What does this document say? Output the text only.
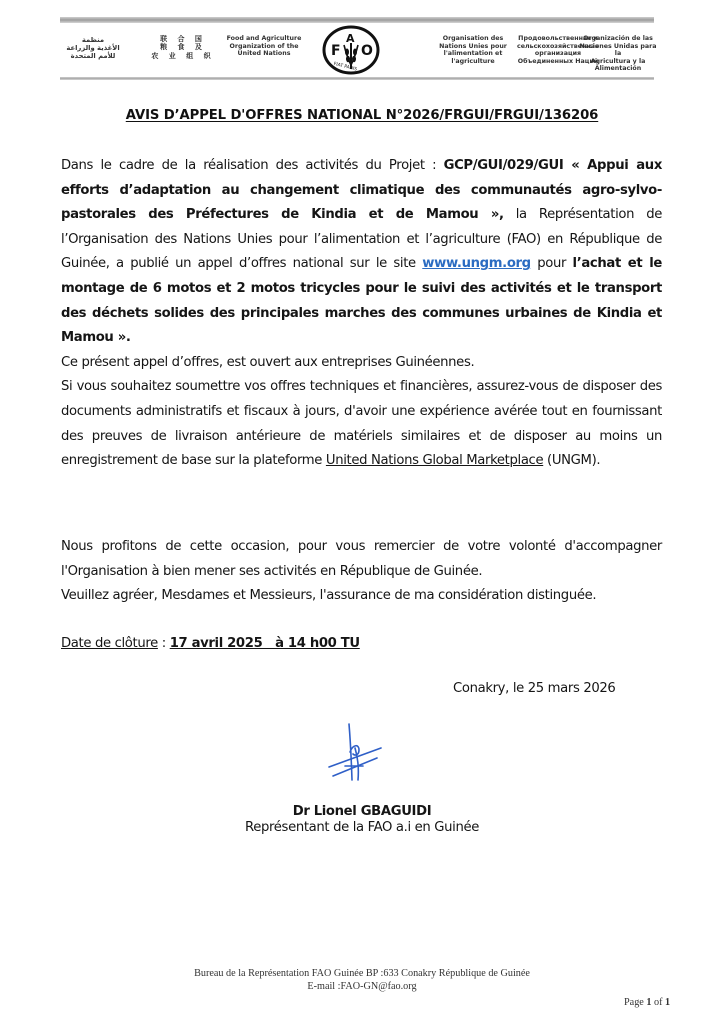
منظمة
الأغذية والزراعة
للأمم المتحدة
联 合 国
粮 食 及
农 业 组 织
Food and Agriculture
Organization of the
United Nations	F
A
O
FIAT PANIS
Organisation des
Nations Unies pour
l'alimentation et
l'agriculture
Продовольственная и
сельскохозяйственная
организация
Объединенных Наций
Organización de las
Naciones Unidas para la
Agricultura y la
Alimentación
AVIS D’APPEL D'OFFRES NATIONAL N°2026/FRGUI/FRGUI/136206

Dans le cadre de la réalisation des activités du Projet : GCP/GUI/029/GUI « Appui aux efforts d’adaptation au changement climatique des communautés agro-sylvo-pastorales des Préfectures de Kindia et de Mamou », la Représentation de l’Organisation des Nations Unies pour l’alimentation et l’agriculture (FAO) en République de Guinée, a publié un appel d’offres national sur le site www.ungm.org pour l’achat et le montage de 6 motos et 2 motos tricycles pour le suivi des activités et le transport des déchets solides des principales marches des communes urbaines de Kindia et Mamou ».

Ce présent appel d’offres, est ouvert aux entreprises Guinéennes.

Si vous souhaitez soumettre vos offres techniques et financières, assurez-vous de disposer des documents administratifs et fiscaux à jours, d'avoir une expérience avérée tout en fournissant des preuves de livraison antérieure de matériels similaires et de disposer au moins un enregistrement de base sur la plateforme United Nations Global Marketplace (UNGM).

Nous profitons de cette occasion, pour vous remercier de votre volonté d'accompagner l'Organisation à bien mener ses activités en République de Guinée.

Veuillez agréer, Mesdames et Messieurs, l'assurance de ma considération distinguée.

Date de clôture : 17 avril 2025   à 14 h00 TU
Conakry, le 25 mars 2026
Dr Lionel GBAGUIDI
Représentant de la FAO a.i en Guinée
Bureau de la Représentation FAO Guinée BP :633 Conakry République de Guinée
E-mail :FAO-GN@fao.org
Page 1 of 1
